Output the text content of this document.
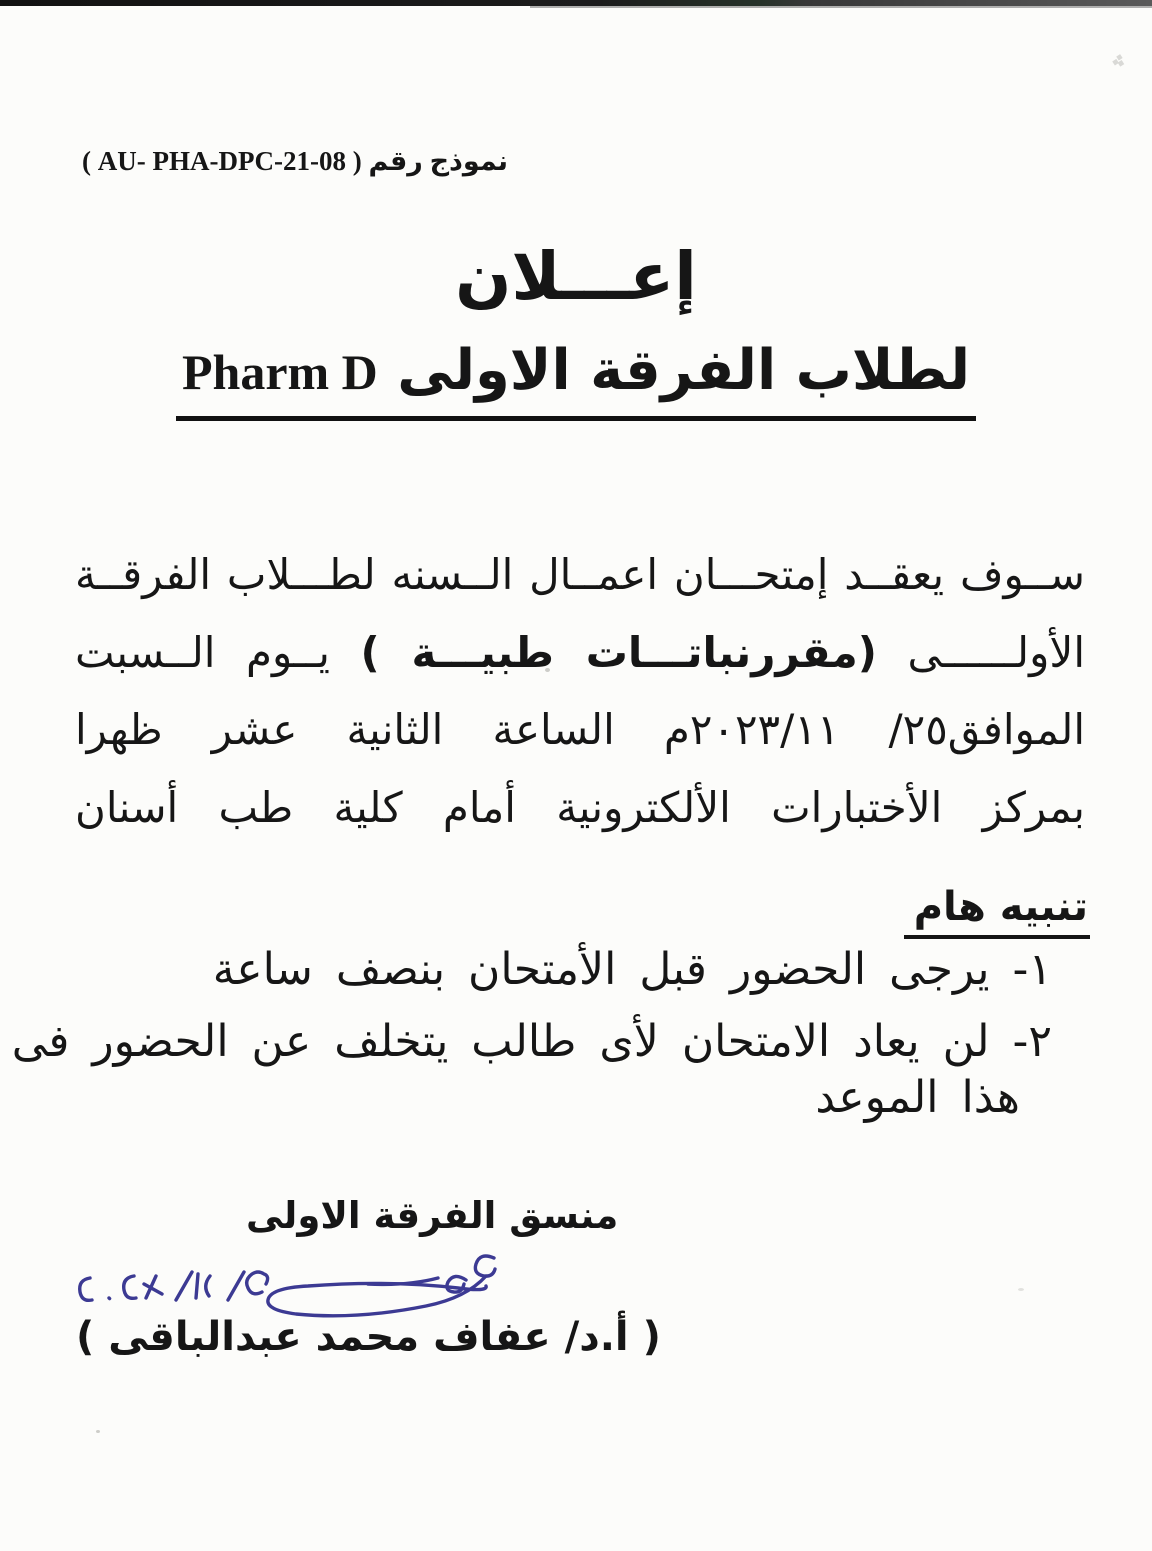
؞
نموذج رقم ( AU- PHA-DPC-21-08 )
إعـــلان
لطلاب الفرقة الاولى Pharm D
ســوف يعقــد إمتحـــان اعمــال الــسنه لطـــلاب الفرقــة
الأولــــــى (مقررنباتـــات طبيـــة ) يــوم الــسبت
الموافق٢٥/ ٢٠٢٣/١١م الساعة الثانية عشر ظهرا
بمركز الأختبارات الألكترونية أمام كلية طب أسنان
تنبيه هام
١- يرجى الحضور قبل الأمتحان بنصف ساعة
٢- لن يعاد الامتحان لأى طالب يتخلف عن الحضور فى
هذا الموعد
منسق الفرقة الاولى
( أ.د/ عفاف محمد عبدالباقى )
